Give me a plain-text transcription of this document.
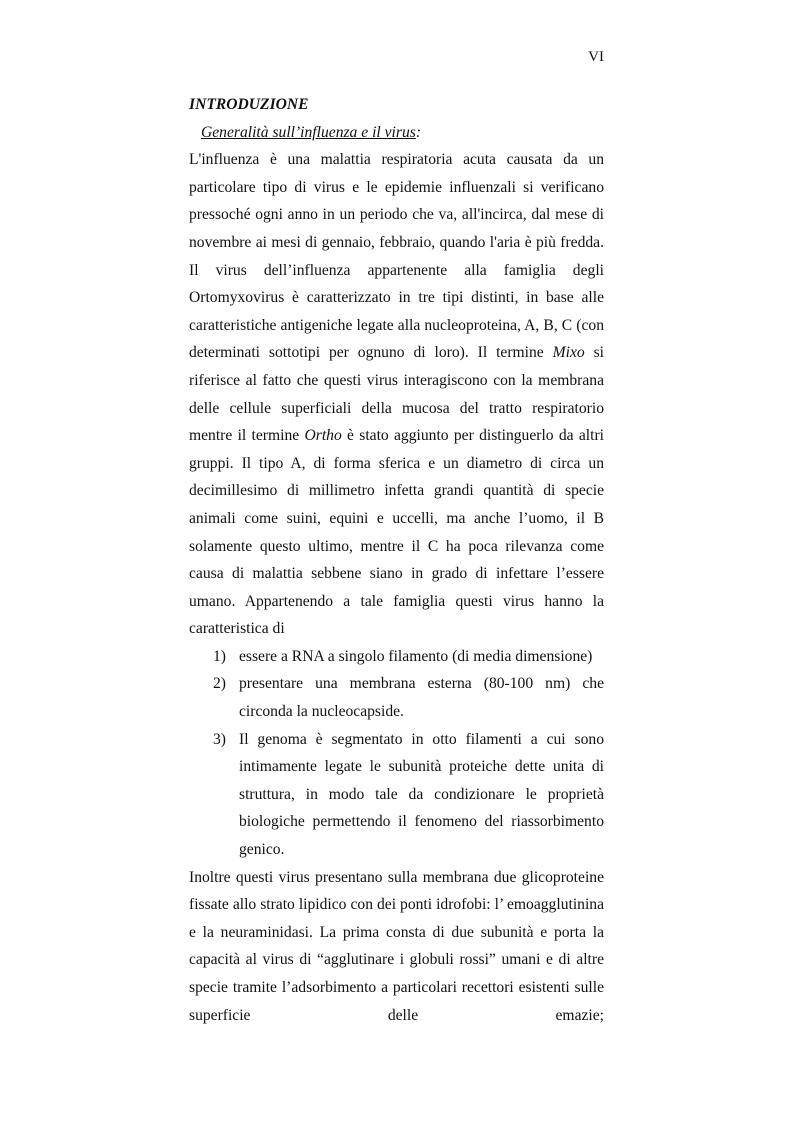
VI
INTRODUZIONE
Generalità sull’influenza e il virus:

L'influenza è una malattia respiratoria acuta causata da un particolare tipo di virus e le epidemie influenzali si verificano pressoché ogni anno in un periodo che va, all'incirca, dal mese di novembre ai mesi di gennaio, febbraio, quando l'aria è più fredda. Il virus dell’influenza appartenente alla famiglia degli Ortomyxovirus è caratterizzato in tre tipi distinti, in base alle caratteristiche antigeniche legate alla nucleoproteina, A, B, C (con determinati sottotipi per ognuno di loro). Il termine Mixo si riferisce al fatto che questi virus interagiscono con la membrana delle cellule superficiali della mucosa del tratto respiratorio mentre il termine Ortho è stato aggiunto per distinguerlo da altri gruppi. Il tipo A, di forma sferica e un diametro di circa un decimillesimo di millimetro infetta grandi quantità di specie animali come suini, equini e uccelli, ma anche l’uomo, il B solamente questo ultimo, mentre il C ha poca rilevanza come causa di malattia sebbene siano in grado di infettare l’essere umano. Appartenendo a tale famiglia questi virus hanno la caratteristica di

1) essere a RNA a singolo filamento (di media dimensione)
2) presentare una membrana esterna (80-100 nm) che circonda la nucleocapside.
3) Il genoma è segmentato in otto filamenti a cui sono intimamente legate le subunità proteiche dette unita di struttura, in modo tale da condizionare le proprietà biologiche permettendo il fenomeno del riassorbimento genico.

Inoltre questi virus presentano sulla membrana due glicoproteine fissate allo strato lipidico con dei ponti idrofobi: l’ emoagglutinina e la neuraminidasi. La prima consta di due subunità e porta la capacità al virus di “agglutinare i globuli rossi” umani e di altre specie tramite l’adsorbimento a particolari recettori esistenti sulle superficie delle emazie;
